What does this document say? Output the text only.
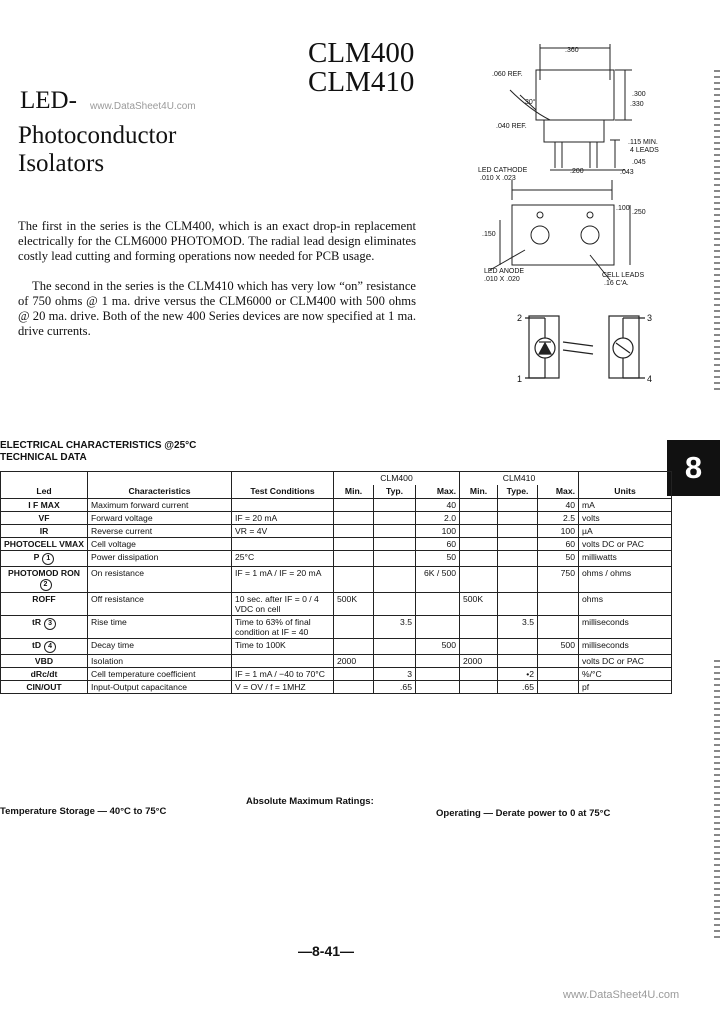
CLM400
CLM410
LED- www.DataSheet4U.com
Photoconductor
Isolators
The first in the series is the CLM400, which is an exact drop-in replacement electrically for the CLM6000 PHOTOMOD. The radial lead design eliminates costly lead cutting and forming operations now needed for PCB usage.
The second in the series is the CLM410 which has very low “on” resistance of 750 ohms @ 1 ma. drive versus the CLM6000 or CLM400 with 500 ohms @ 20 ma. drive. Both of the new 400 Series devices are now specified at 1 ma. drive currents.
.360
.060 REF.
.300
.330
30°
.040 REF.
.115 MIN.
4 LEADS
.045
.200	.043
LED CATHODE
.010 X .023
.150
.100
.250
LED ANODE
.010 X .020
CELL LEADS
.16 C'A.
2	3
1	4
ELECTRICAL CHARACTERISTICS @25°C
TECHNICAL DATA	8
Led	Characteristics	Test Conditions	CLM400			CLM410			Units
			Min.	Typ.	Max.	Min.	Type.	Max.	
I F MAX	Maximum forward current				40			40	mA
VF	Forward voltage	IF = 20 mA			2.0			2.5	volts
IR	Reverse current	VR = 4V			100			100	µA
PHOTOCELL VMAX	Cell voltage				60			60	volts DC or PAC
P 1	Power dissipation	25°C			50			50	milliwatts
PHOTOMOD RON2	On resistance	IF = 1 mA / IF = 20 mA			6K / 500			750	ohms / ohms
ROFF	Off resistance	10 sec. after IF = 0 / 4 VDC on cell	500K			500K			ohms
tR 3	Rise time	Time to 63% of final condition at IF = 40		3.5			3.5		milliseconds
tD 4	Decay time	Time to 100K			500			500	milliseconds
VBD	Isolation		2000			2000			volts DC or PAC
dRc/dt	Cell temperature coefficient	IF = 1 mA / −40 to 70°C		3			•2		%/°C
CIN/OUT	Input-Output capacitance	V = OV / f = 1MHZ		.65			.65		pf
Absolute Maximum Ratings:
Temperature Storage — 40°C to 75°C	Operating — Derate power to 0 at 75°C
—8-41—
www.DataSheet4U.com
